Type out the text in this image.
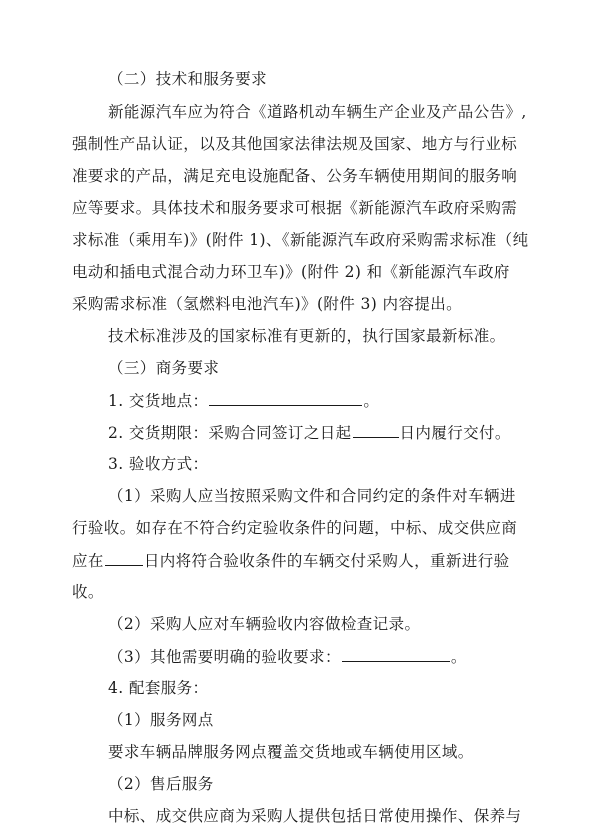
（二）技术和服务要求
新能源汽车应为符合《道路机动车辆生产企业及产品公告》,
强制性产品认证，以及其他国家法律法规及国家、地方与行业标
准要求的产品，满足充电设施配备、公务车辆使用期间的服务响
应等要求。具体技术和服务要求可根据《新能源汽车政府采购需
求标准（乘用车)》(附件 1)、《新能源汽车政府采购需求标准（纯
电动和插电式混合动力环卫车)》(附件 2) 和《新能源汽车政府
采购需求标准（氢燃料电池汽车)》(附件 3) 内容提出。
技术标准涉及的国家标准有更新的，执行国家最新标准。
（三）商务要求
1. 交货地点：	。
2. 交货期限：采购合同签订之日起	日内履行交付。
3. 验收方式：
（1）采购人应当按照采购文件和合同约定的条件对车辆进
行验收。如存在不符合约定验收条件的问题，中标、成交供应商
应在	日内将符合验收条件的车辆交付采购人，重新进行验
收。
（2）采购人应对车辆验收内容做检查记录。
（3）其他需要明确的验收要求：	。
4. 配套服务：
（1）服务网点
要求车辆品牌服务网点覆盖交货地或车辆使用区域。
（2）售后服务
中标、成交供应商为采购人提供包括日常使用操作、保养与
